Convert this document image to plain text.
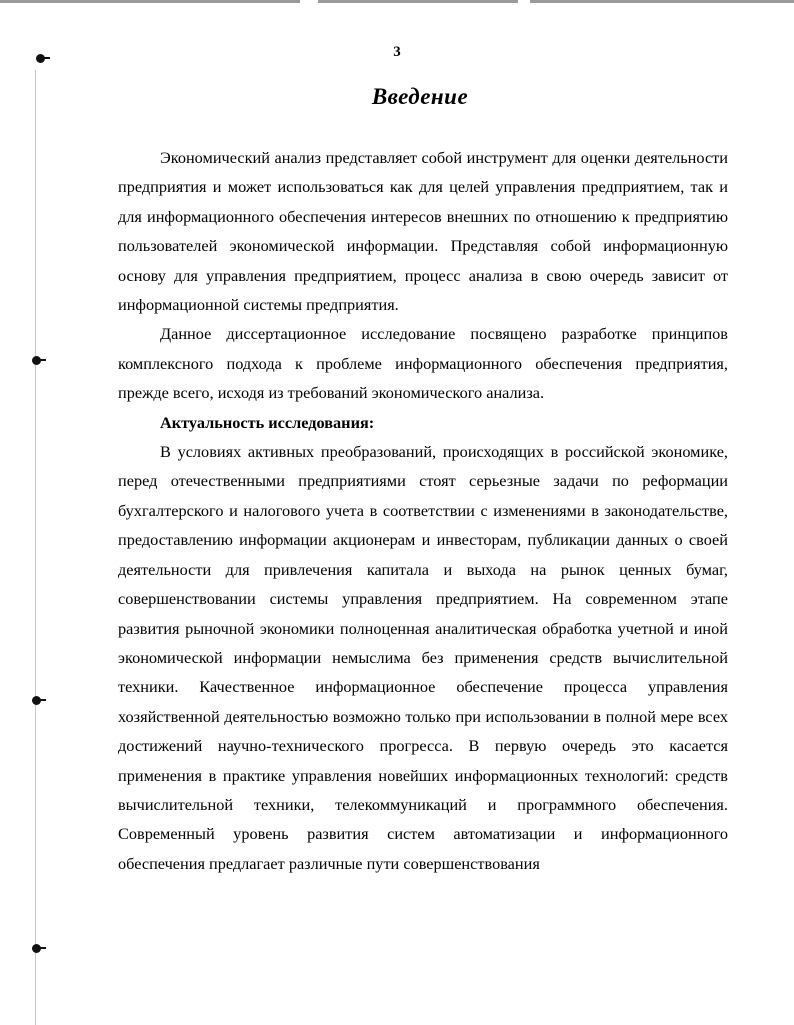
3
Введение

Экономический анализ представляет собой инструмент для оценки деятельности предприятия и может использоваться как для целей управления предприятием, так и для информационного обеспечения интересов внешних по отношению к предприятию пользователей экономической информации. Представляя собой информационную основу для управления предприятием, процесс анализа в свою очередь зависит от информационной системы предприятия.

Данное диссертационное исследование посвящено разработке принципов комплексного подхода к проблеме информационного обеспечения предприятия, прежде всего, исходя из требований экономического анализа.

Актуальность исследования:

В условиях активных преобразований, происходящих в российской экономике, перед отечественными предприятиями стоят серьезные задачи по реформации бухгалтерского и налогового учета в соответствии с изменениями в законодательстве, предоставлению информации акционерам и инвесторам, публикации данных о своей деятельности для привлечения капитала и выхода на рынок ценных бумаг, совершенствовании системы управления предприятием. На современном этапе развития рыночной экономики полноценная аналитическая обработка учетной и иной экономической информации немыслима без применения средств вычислительной техники. Качественное информационное обеспечение процесса управления хозяйственной деятельностью возможно только при использовании в полной мере всех достижений научно-технического прогресса. В первую очередь это касается применения в практике управления новейших информационных технологий: средств вычислительной техники, телекоммуникаций и программного обеспечения. Современный уровень развития систем автоматизации и информационного обеспечения предлагает различные пути совершенствования
